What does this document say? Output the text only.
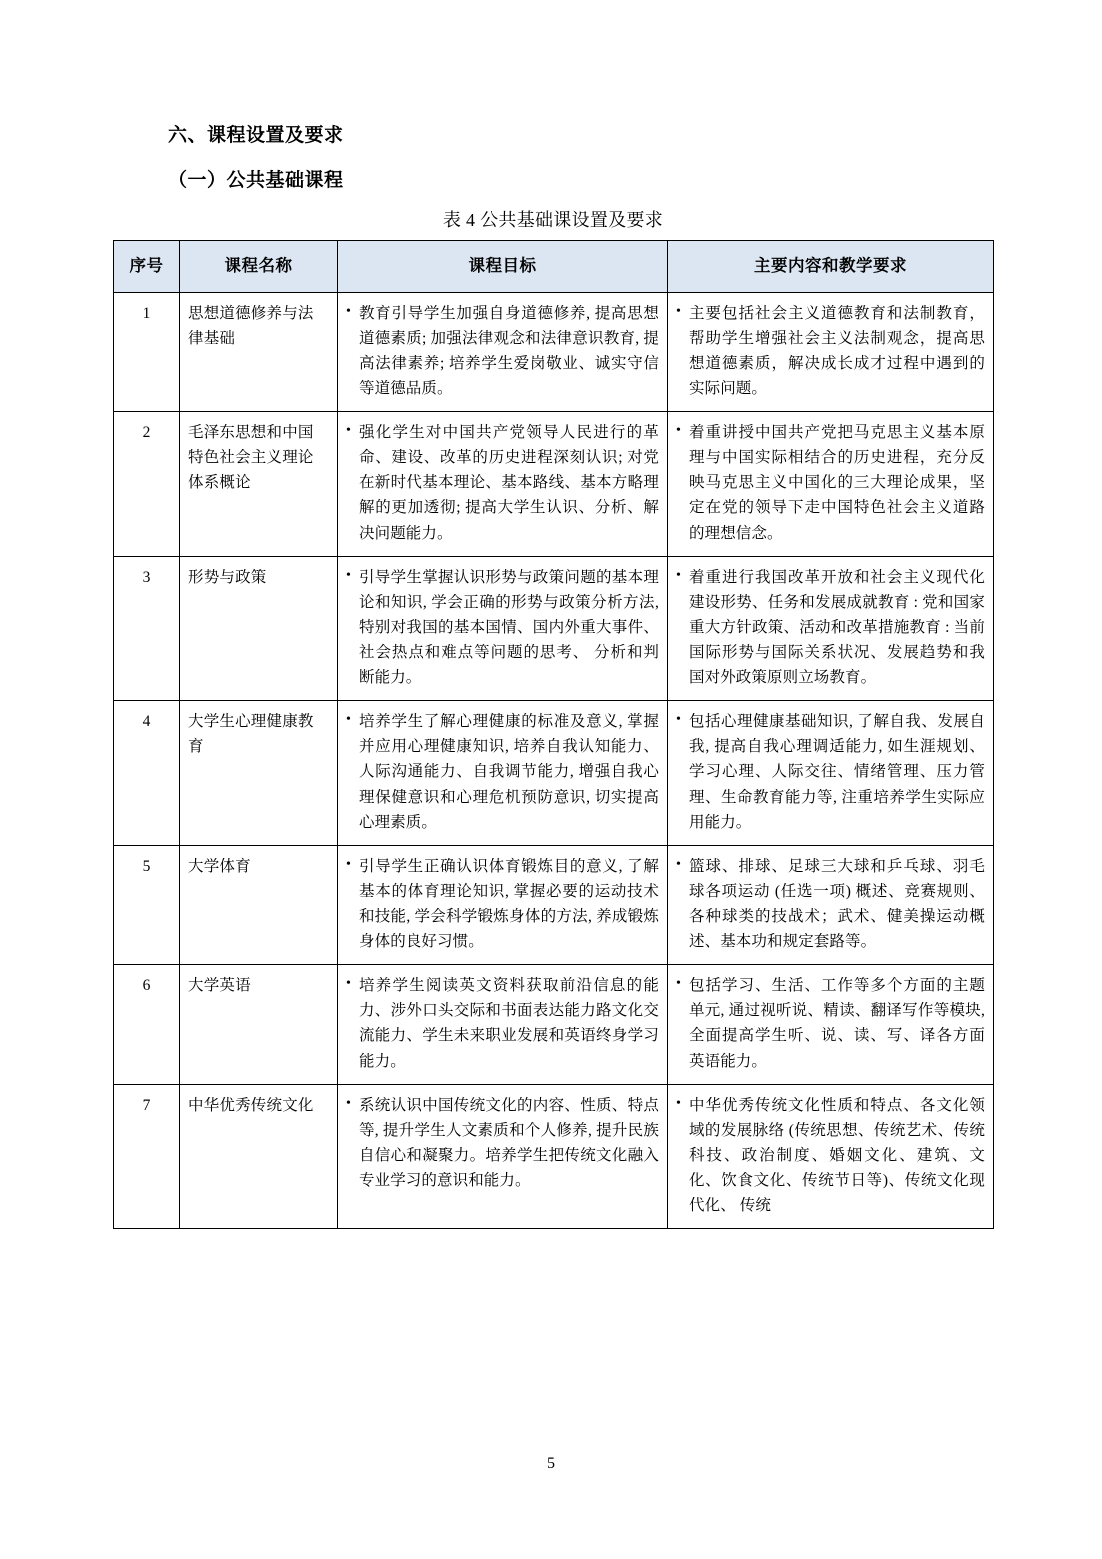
六、课程设置及要求
（一）公共基础课程
表 4 公共基础课设置及要求
序号	课程名称	课程目标	主要内容和教学要求
1	思想道德修养与法律基础	• 教育引导学生加强自身道德修养, 提高思想道德素质; 加强法律观念和法律意识教育, 提高法律素养; 培养学生爱岗敬业、诚实守信等道德品质。	• 主要包括社会主义道德教育和法制教育，帮助学生增强社会主义法制观念，提高思想道德素质，解决成长成才过程中遇到的实际问题。

2	毛泽东思想和中国特色社会主义理论体系概论	• 强化学生对中国共产党领导人民进行的革命、建设、改革的历史进程深刻认识; 对党在新时代基本理论、基本路线、基本方略理解的更加透彻; 提高大学生认识、分析、解决问题能力。	• 着重讲授中国共产党把马克思主义基本原理与中国实际相结合的历史进程，充分反映马克思主义中国化的三大理论成果，坚定在党的领导下走中国特色社会主义道路的理想信念。

3	形势与政策	• 引导学生掌握认识形势与政策问题的基本理论和知识, 学会正确的形势与政策分析方法, 特别对我国的基本国情、国内外重大事件、社会热点和难点等问题的思考、 分析和判断能力。	• 着重进行我国改革开放和社会主义现代化建设形势、任务和发展成就教育 : 党和国家重大方针政策、活动和改革措施教育 : 当前国际形势与国际关系状况、发展趋势和我国对外政策原则立场教育。

4	大学生心理健康教育	• 培养学生了解心理健康的标准及意义, 掌握并应用心理健康知识, 培养自我认知能力、人际沟通能力、自我调节能力, 增强自我心理保健意识和心理危机预防意识, 切实提高心理素质。	• 包括心理健康基础知识, 了解自我、发展自我, 提高自我心理调适能力, 如生涯规划、学习心理、人际交往、情绪管理、压力管理、生命教育能力等, 注重培养学生实际应用能力。

5	大学体育	• 引导学生正确认识体育锻炼目的意义, 了解基本的体育理论知识, 掌握必要的运动技术和技能, 学会科学锻炼身体的方法, 养成锻炼身体的良好习惯。	• 篮球、排球、足球三大球和乒乓球、羽毛球各项运动 (任选一项) 概述、竞赛规则、各种球类的技战术；武术、健美操运动概述、基本功和规定套路等。

6	大学英语	• 培养学生阅读英文资料获取前沿信息的能力、涉外口头交际和书面表达能力路文化交流能力、学生未来职业发展和英语终身学习能力。	• 包括学习、生活、工作等多个方面的主题单元, 通过视听说、精读、翻译写作等模块, 全面提高学生听、说、读、写、译各方面英语能力。

7	中华优秀传统文化	• 系统认识中国传统文化的内容、性质、特点等, 提升学生人文素质和个人修养, 提升民族自信心和凝聚力。培养学生把传统文化融入专业学习的意识和能力。	• 中华优秀传统文化性质和特点、各文化领域的发展脉络 (传统思想、传统艺术、传统科技、政治制度、婚姻文化、建筑、文化、饮食文化、传统节日等)、传统文化现代化、 传统
5
